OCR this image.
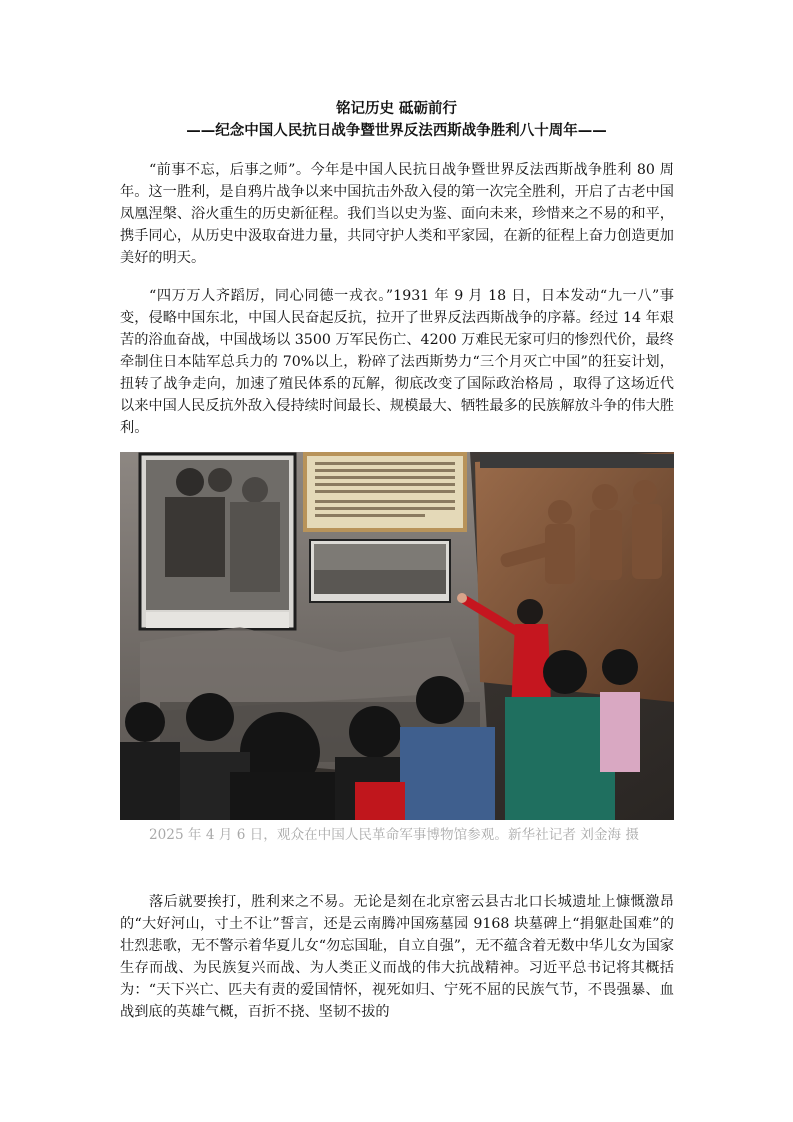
铭记历史 砥砺前行
——纪念中国人民抗日战争暨世界反法西斯战争胜利八十周年——

“前事不忘，后事之师”。今年是中国人民抗日战争暨世界反法西斯战争胜利 80 周年。这一胜利，是自鸦片战争以来中国抗击外敌入侵的第一次完全胜利，开启了古老中国凤凰涅槃、浴火重生的历史新征程。我们当以史为鉴、面向未来，珍惜来之不易的和平，携手同心，从历史中汲取奋进力量，共同守护人类和平家园，在新的征程上奋力创造更加美好的明天。

“四万万人齐蹈厉，同心同德一戎衣。”1931 年 9 月 18 日，日本发动“九一八”事变，侵略中国东北，中国人民奋起反抗，拉开了世界反法西斯战争的序幕。经过 14 年艰苦的浴血奋战，中国战场以 3500 万军民伤亡、4200 万难民无家可归的惨烈代价，最终牵制住日本陆军总兵力的 70%以上，粉碎了法西斯势力“三个月灭亡中国”的狂妄计划，扭转了战争走向，加速了殖民体系的瓦解，彻底改变了国际政治格局 ，取得了这场近代以来中国人民反抗外敌入侵持续时间最长、规模最大、牺牲最多的民族解放斗争的伟大胜利。

2025 年 4 月 6 日，观众在中国人民革命军事博物馆参观。新华社记者 刘金海 摄

落后就要挨打，胜利来之不易。无论是刻在北京密云县古北口长城遗址上慷慨激昂的“大好河山，寸土不让”誓言，还是云南腾冲国殇墓园 9168 块墓碑上“捐躯赴国难”的壮烈悲歌，无不警示着华夏儿女“勿忘国耻，自立自强”，无不蕴含着无数中华儿女为国家生存而战、为民族复兴而战、为人类正义而战的伟大抗战精神。习近平总书记将其概括为：“天下兴亡、匹夫有责的爱国情怀，视死如归、宁死不屈的民族气节，不畏强暴、血战到底的英雄气概，百折不挠、坚韧不拔的
